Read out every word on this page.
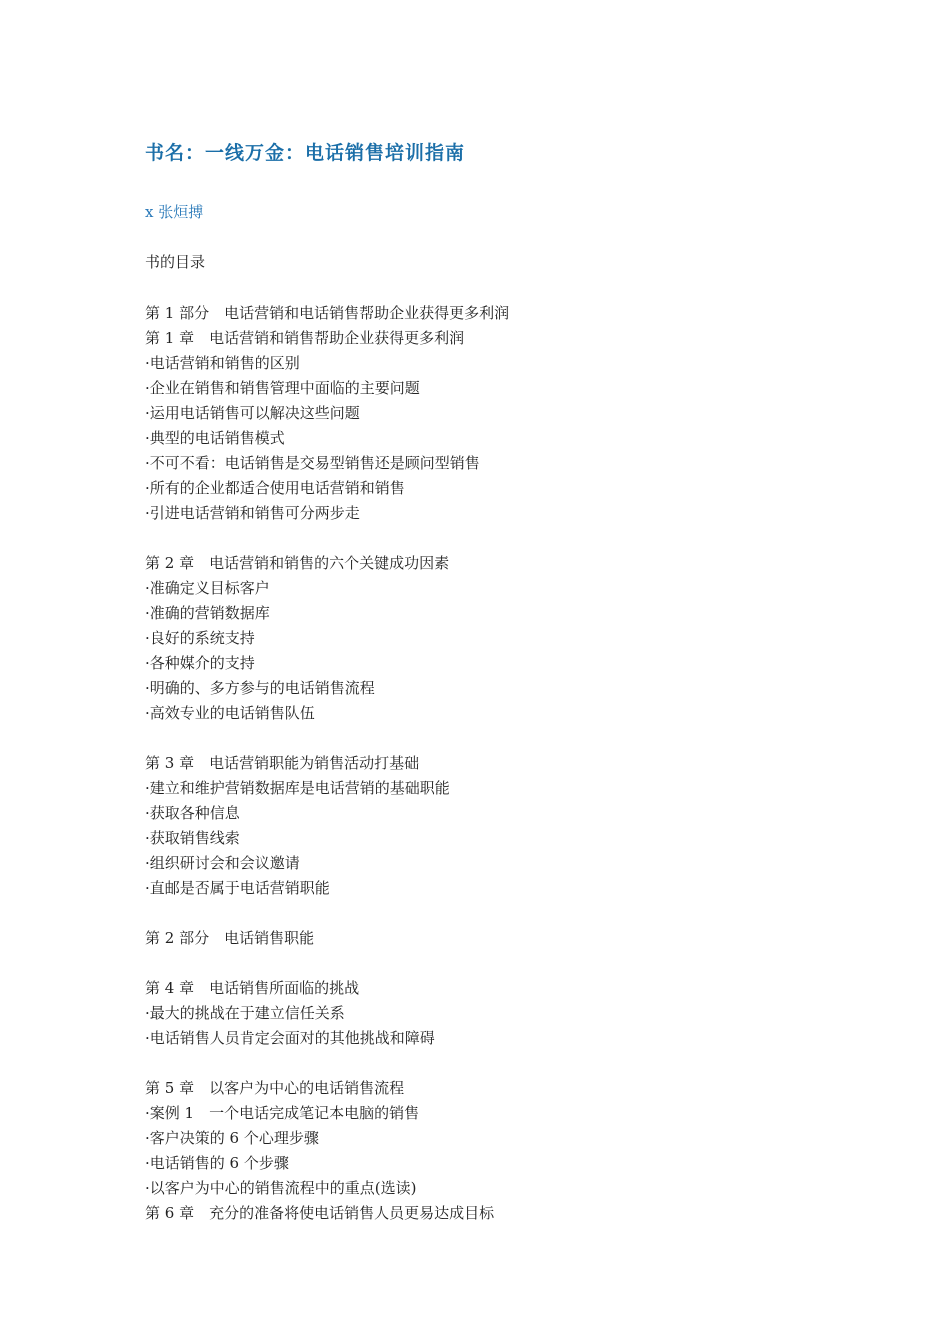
书名：一线万金：电话销售培训指南
x 张烜搏
书的目录
第 1 部分　电话营销和电话销售帮助企业获得更多利润
第 1 章　电话营销和销售帮助企业获得更多利润
·电话营销和销售的区别
·企业在销售和销售管理中面临的主要问题
·运用电话销售可以解决这些问题
·典型的电话销售模式
·不可不看：电话销售是交易型销售还是顾问型销售
·所有的企业都适合使用电话营销和销售
·引进电话营销和销售可分两步走
第 2 章　电话营销和销售的六个关键成功因素
·准确定义目标客户
·准确的营销数据库
·良好的系统支持
·各种媒介的支持
·明确的、多方参与的电话销售流程
·高效专业的电话销售队伍
第 3 章　电话营销职能为销售活动打基础
·建立和维护营销数据库是电话营销的基础职能
·获取各种信息
·获取销售线索
·组织研讨会和会议邀请
·直邮是否属于电话营销职能
第 2 部分　电话销售职能
第 4 章　电话销售所面临的挑战
·最大的挑战在于建立信任关系
·电话销售人员肯定会面对的其他挑战和障碍
第 5 章　以客户为中心的电话销售流程
·案例 1　一个电话完成笔记本电脑的销售
·客户决策的 6 个心理步骤
·电话销售的 6 个步骤
·以客户为中心的销售流程中的重点(选读)
第 6 章　充分的准备将使电话销售人员更易达成目标
